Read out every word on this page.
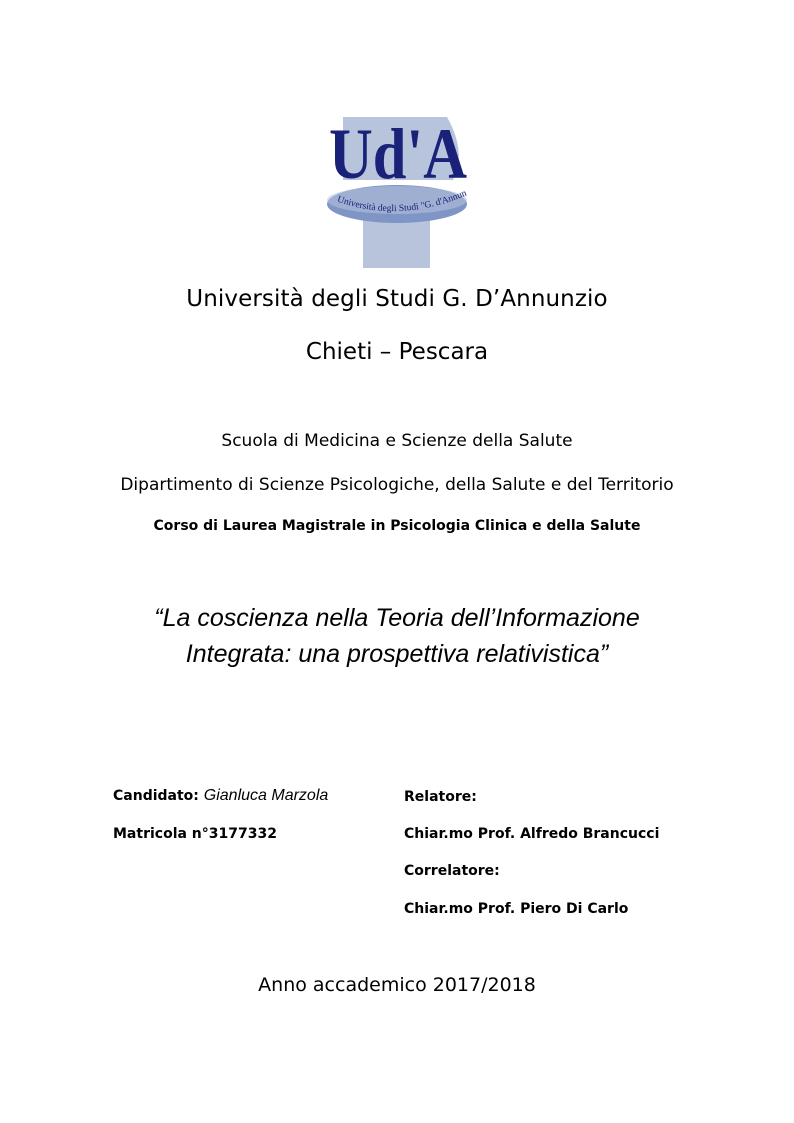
Ud'A
Università degli Studi "G. d'Annun
Università degli Studi G. D’Annunzio
Chieti – Pescara
Scuola di Medicina e Scienze della Salute
Dipartimento di Scienze Psicologiche, della Salute e del Territorio
Corso di Laurea Magistrale in Psicologia Clinica e della Salute
“La coscienza nella Teoria dell’Informazione
Integrata: una prospettiva relativistica”
Candidato: Gianluca Marzola
Matricola n°3177332
Relatore:
Chiar.mo Prof. Alfredo Brancucci
Correlatore:
Chiar.mo Prof. Piero Di Carlo
Anno accademico 2017/2018
